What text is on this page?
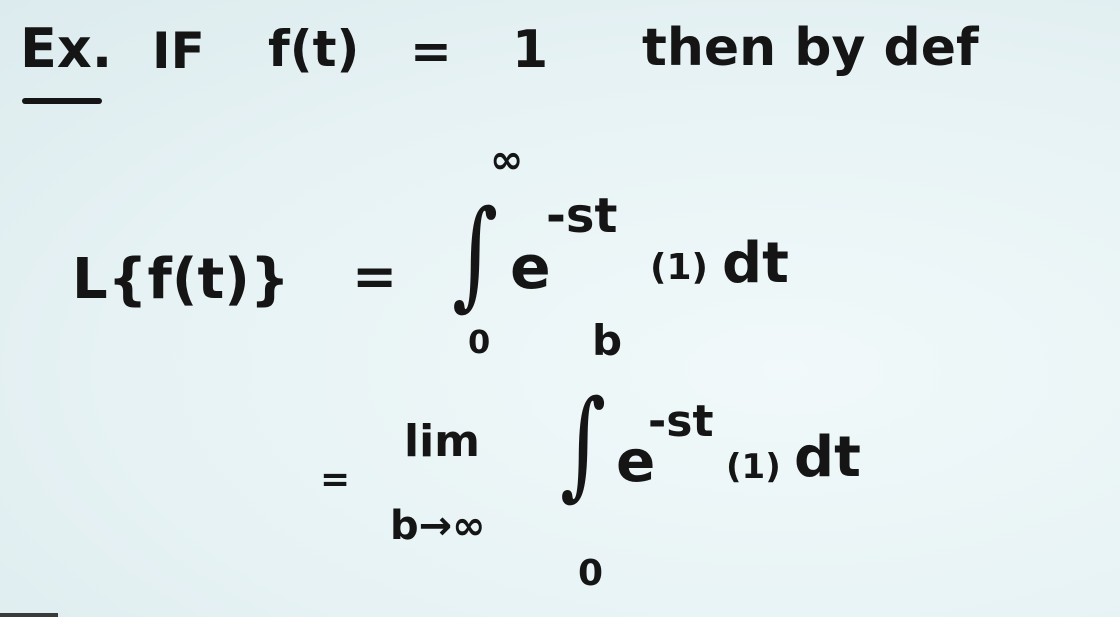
Ex. IF f(t) = 1 then by def
L{f(t)} =
∞
∫
0
e
-st
(1) dt
b
=
lim
b→∞
∫
0
e
-st
(1) dt
